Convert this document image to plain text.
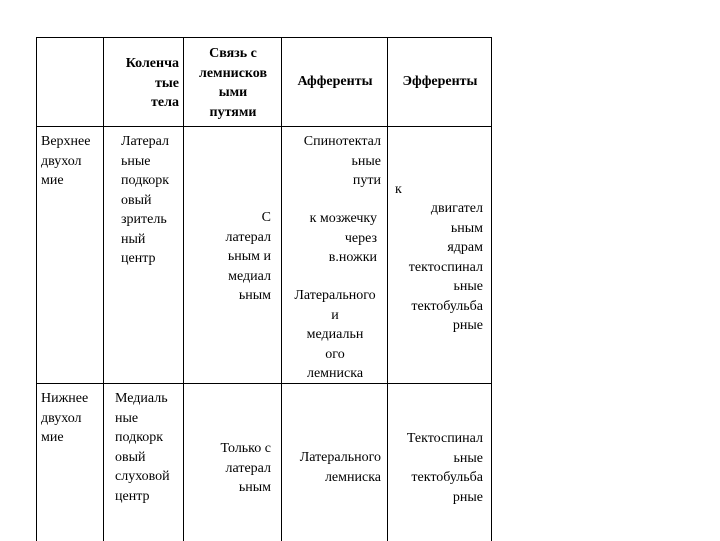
Коленча
тые
тела
Связь с
лемнисков
ыми
путями
Афференты	Эфференты
Верхнее
двухол
мие
Латерал
ьные
подкорк
овый
зритель
ный
центр
С
латерал
ьным и
медиал
ьным
Спинотектал
ьные
пути
к мозжечку
через
в.ножки
Латерального
и
медиальн
ого
лемниска
к
двигател
ьным
ядрам
тектоспинал
ьные
тектобульба
рные
Нижнее
двухол
мие
Медиаль
ные
подкорк
овый
слуховой
центр
Только с
латерал
ьным
Латерального
лемниска
Тектоспинал
ьные
тектобульба
рные
